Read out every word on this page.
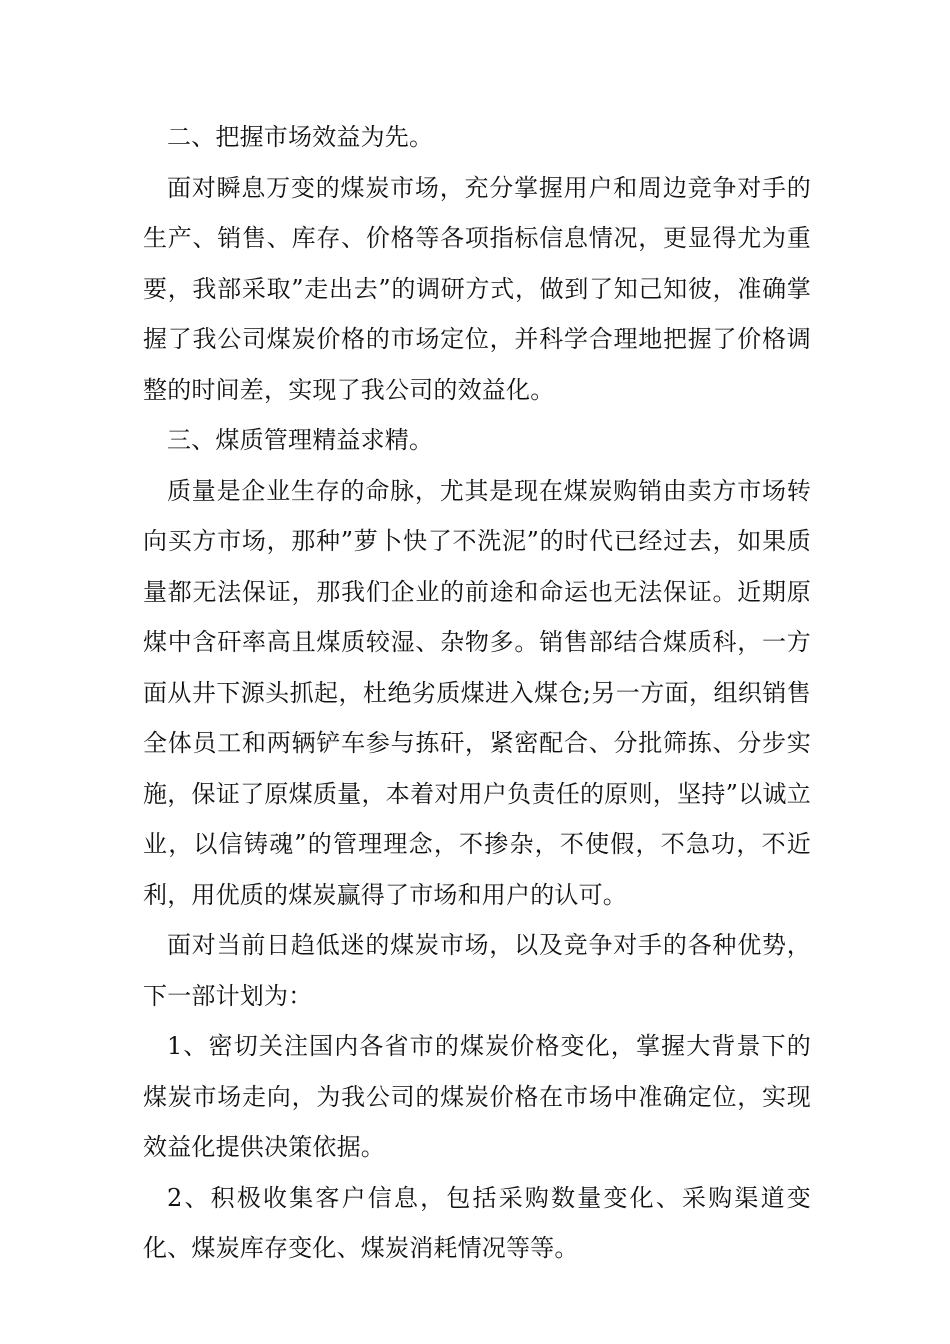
二、把握市场效益为先。

面对瞬息万变的煤炭市场，充分掌握用户和周边竞争对手的生产、销售、库存、价格等各项指标信息情况，更显得尤为重要，我部采取”走出去”的调研方式，做到了知己知彼，准确掌握了我公司煤炭价格的市场定位，并科学合理地把握了价格调整的时间差，实现了我公司的效益化。

三、煤质管理精益求精。

质量是企业生存的命脉，尤其是现在煤炭购销由卖方市场转向买方市场，那种”萝卜快了不洗泥”的时代已经过去，如果质量都无法保证，那我们企业的前途和命运也无法保证。近期原煤中含矸率高且煤质较湿、杂物多。销售部结合煤质科，一方面从井下源头抓起，杜绝劣质煤进入煤仓;另一方面，组织销售全体员工和两辆铲车参与拣矸，紧密配合、分批筛拣、分步实施，保证了原煤质量，本着对用户负责任的原则，坚持”以诚立业，以信铸魂”的管理理念，不掺杂，不使假，不急功，不近利，用优质的煤炭赢得了市场和用户的认可。

面对当前日趋低迷的煤炭市场，以及竞争对手的各种优势，下一部计划为：

1、密切关注国内各省市的煤炭价格变化，掌握大背景下的煤炭市场走向，为我公司的煤炭价格在市场中准确定位，实现效益化提供决策依据。

2、积极收集客户信息，包括采购数量变化、采购渠道变化、煤炭库存变化、煤炭消耗情况等等。
